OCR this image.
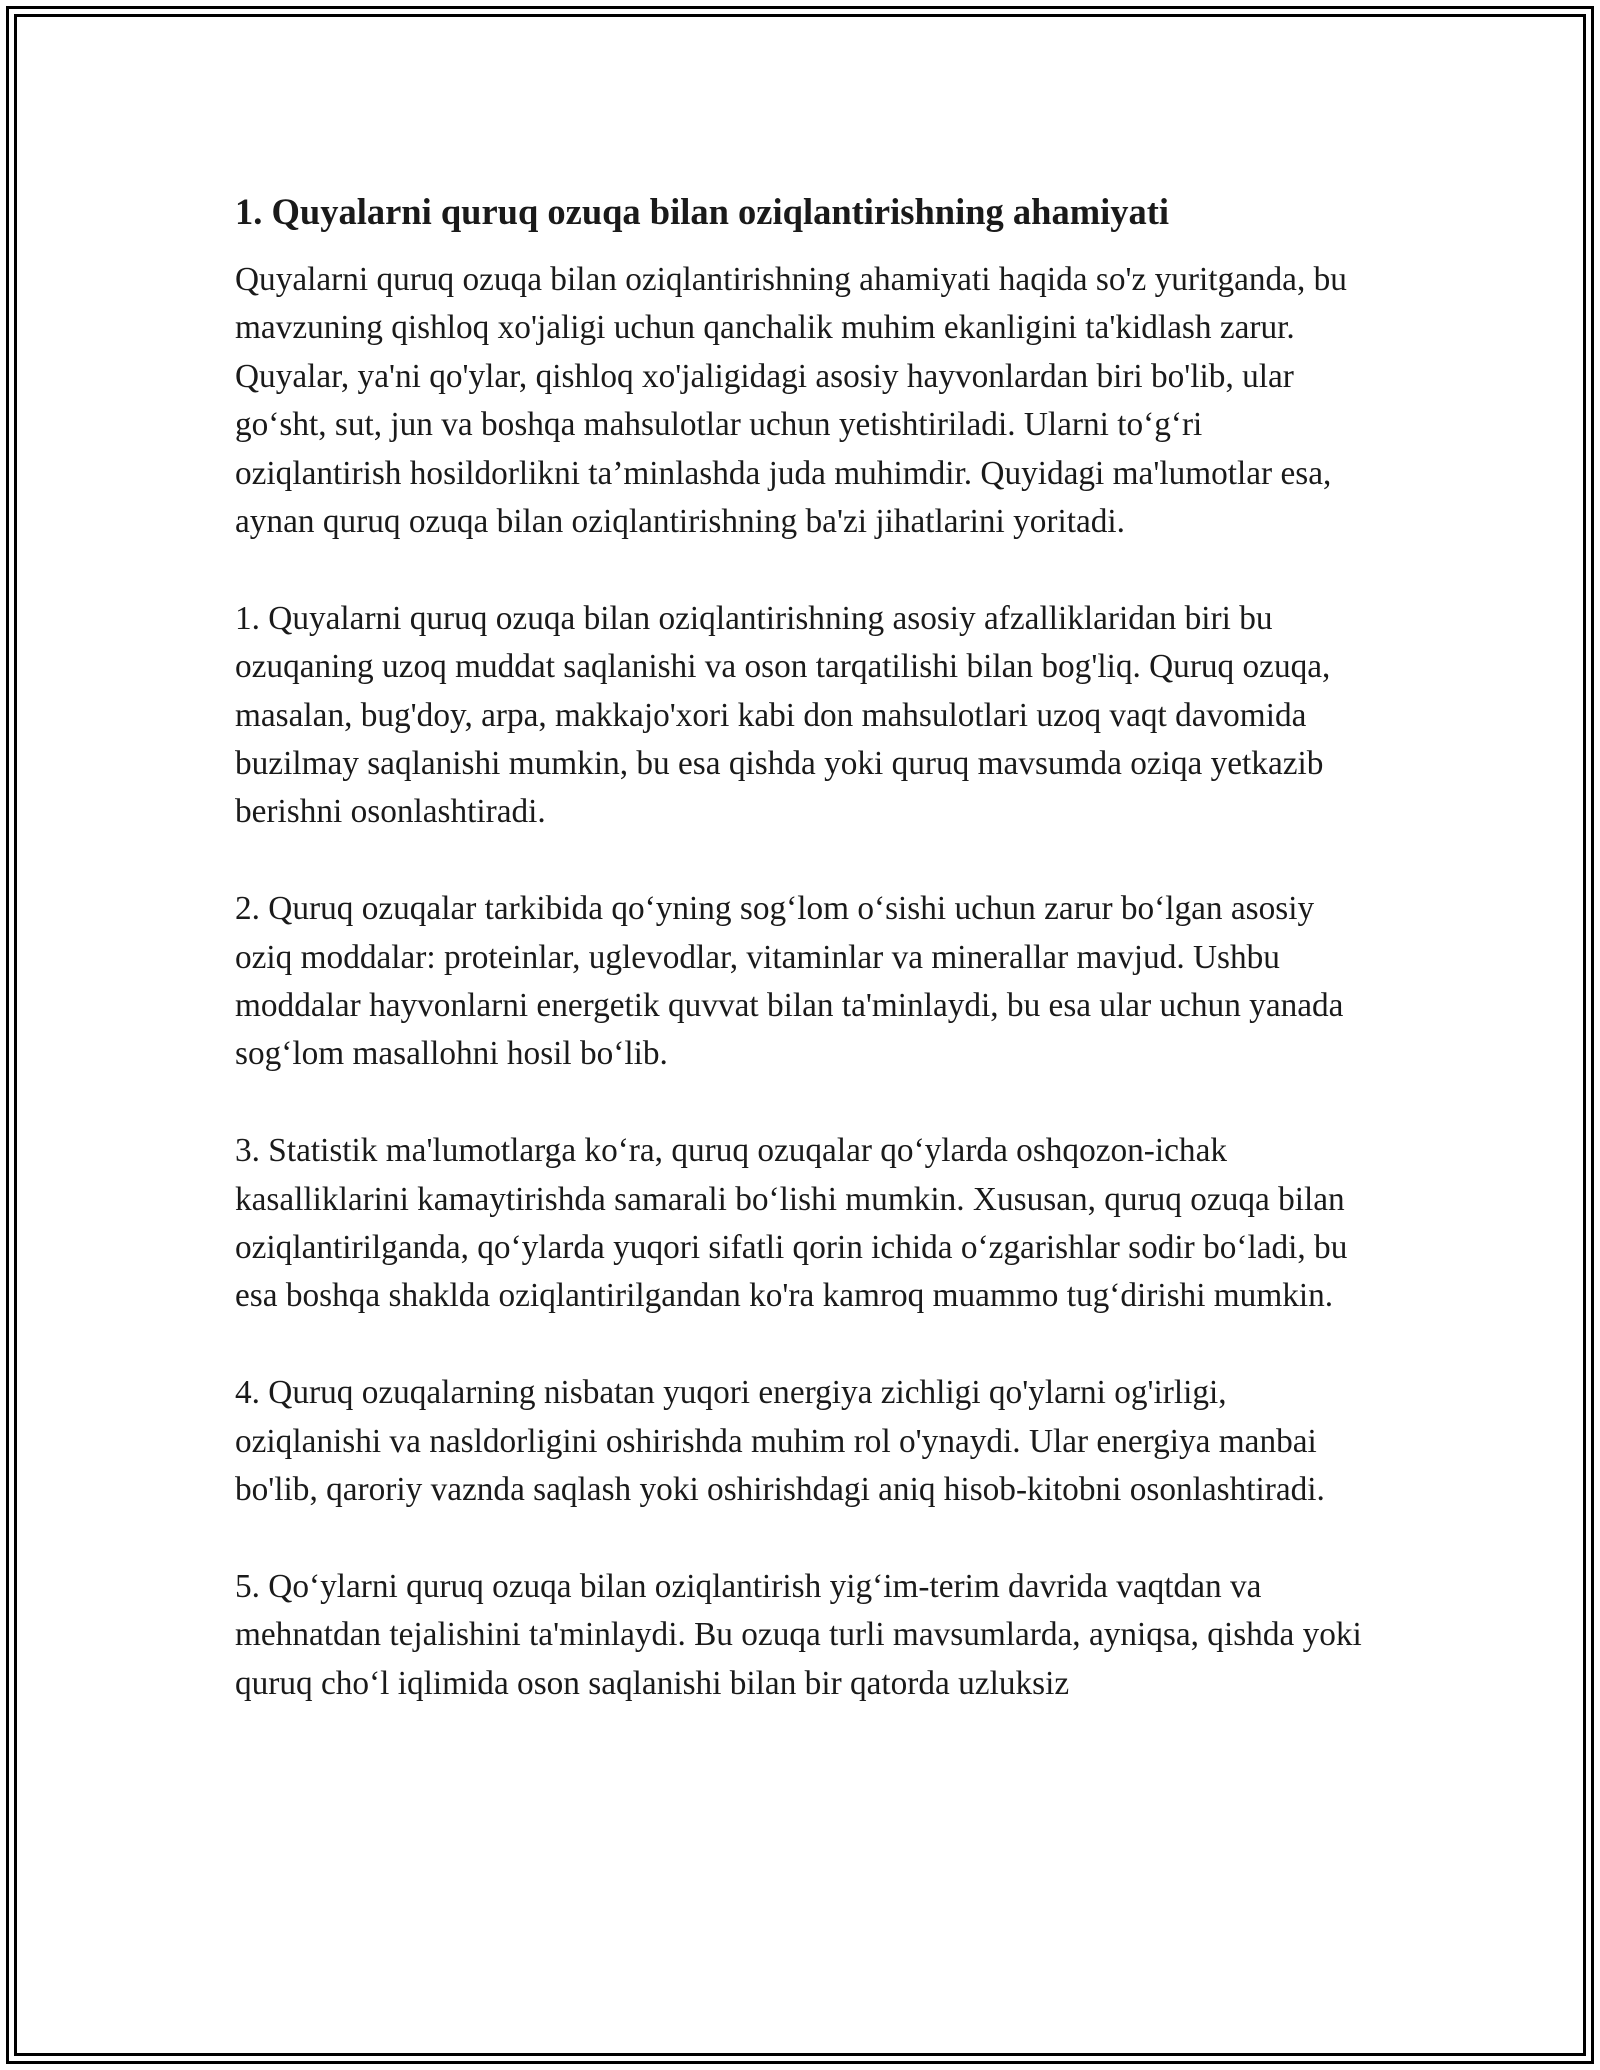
1. Quyalarni quruq ozuqa bilan oziqlantirishning ahamiyati

Quyalarni quruq ozuqa bilan oziqlantirishning ahamiyati haqida so'z yuritganda, bu mavzuning qishloq xo'jaligi uchun qanchalik muhim ekanligini ta'kidlash zarur. Quyalar, ya'ni qo'ylar, qishloq xo'jaligidagi asosiy hayvonlardan biri bo'lib, ular go‘sht, sut, jun va boshqa mahsulotlar uchun yetishtiriladi. Ularni to‘g‘ri oziqlantirish hosildorlikni ta’minlashda juda muhimdir. Quyidagi ma'lumotlar esa, aynan quruq ozuqa bilan oziqlantirishning ba'zi jihatlarini yoritadi.

1. Quyalarni quruq ozuqa bilan oziqlantirishning asosiy afzalliklaridan biri bu ozuqaning uzoq muddat saqlanishi va oson tarqatilishi bilan bog'liq. Quruq ozuqa, masalan, bug'doy, arpa, makkajo'xori kabi don mahsulotlari uzoq vaqt davomida buzilmay saqlanishi mumkin, bu esa qishda yoki quruq mavsumda oziqa yetkazib berishni osonlashtiradi.

2. Quruq ozuqalar tarkibida qo‘yning sog‘lom o‘sishi uchun zarur bo‘lgan asosiy oziq moddalar: proteinlar, uglevodlar, vitaminlar va minerallar mavjud. Ushbu moddalar hayvonlarni energetik quvvat bilan ta'minlaydi, bu esa ular uchun yanada sog‘lom masallohni hosil bo‘lib.

3. Statistik ma'lumotlarga ko‘ra, quruq ozuqalar qo‘ylarda oshqozon-ichak kasalliklarini kamaytirishda samarali bo‘lishi mumkin. Xususan, quruq ozuqa bilan oziqlantirilganda, qo‘ylarda yuqori sifatli qorin ichida o‘zgarishlar sodir bo‘ladi, bu esa boshqa shaklda oziqlantirilgandan ko'ra kamroq muammo tug‘dirishi mumkin.

4. Quruq ozuqalarning nisbatan yuqori energiya zichligi qo'ylarni og'irligi, oziqlanishi va nasldorligini oshirishda muhim rol o'ynaydi. Ular energiya manbai bo'lib, qaroriy vaznda saqlash yoki oshirishdagi aniq hisob-kitobni osonlashtiradi.

5. Qo‘ylarni quruq ozuqa bilan oziqlantirish yig‘im-terim davrida vaqtdan va mehnatdan tejalishini ta'minlaydi. Bu ozuqa turli mavsumlarda, ayniqsa, qishda yoki quruq cho‘l iqlimida oson saqlanishi bilan bir qatorda uzluksiz
